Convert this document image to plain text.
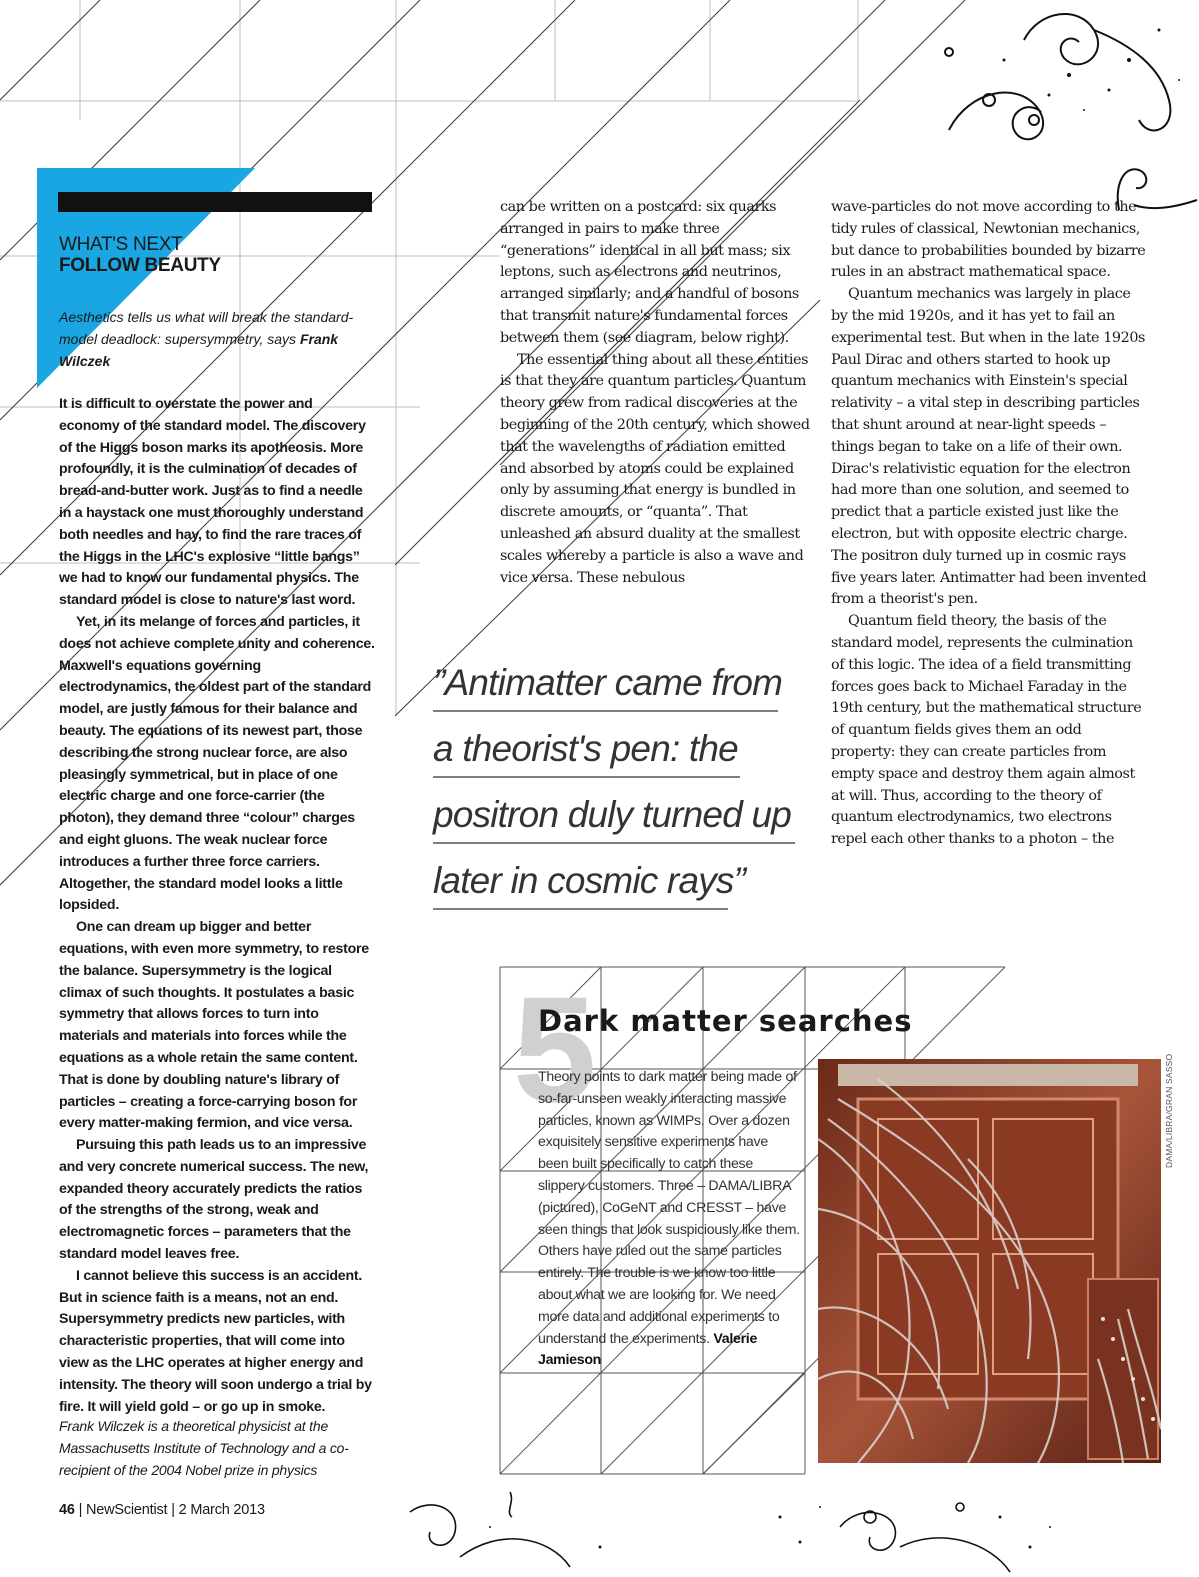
WHAT'S NEXT
FOLLOW BEAUTY
Aesthetics tells us what will break the standard-model deadlock: supersymmetry, says Frank Wilczek

It is difficult to overstate the power and economy of the standard model. The discovery of the Higgs boson marks its apotheosis. More profoundly, it is the culmination of decades of bread-and-butter work. Just as to find a needle in a haystack one must thoroughly understand both needles and hay, to find the rare traces of the Higgs in the LHC's explosive “little bangs” we had to know our fundamental physics. The standard model is close to nature's last word.

Yet, in its melange of forces and particles, it does not achieve complete unity and coherence. Maxwell's equations governing electrodynamics, the oldest part of the standard model, are justly famous for their balance and beauty. The equations of its newest part, those describing the strong nuclear force, are also pleasingly symmetrical, but in place of one electric charge and one force-carrier (the photon), they demand three “colour” charges and eight gluons. The weak nuclear force introduces a further three force carriers. Altogether, the standard model looks a little lopsided.

One can dream up bigger and better equations, with even more symmetry, to restore the balance. Supersymmetry is the logical climax of such thoughts. It postulates a basic symmetry that allows forces to turn into materials and materials into forces while the equations as a whole retain the same content. That is done by doubling nature's library of particles – creating a force-carrying boson for every matter-making fermion, and vice versa.

Pursuing this path leads us to an impressive and very concrete numerical success. The new, expanded theory accurately predicts the ratios of the strengths of the strong, weak and electromagnetic forces – parameters that the standard model leaves free.

I cannot believe this success is an accident. But in science faith is a means, not an end. Supersymmetry predicts new particles, with characteristic properties, that will come into view as the LHC operates at higher energy and intensity. The theory will soon undergo a trial by fire. It will yield gold – or go up in smoke.

Frank Wilczek is a theoretical physicist at the Massachusetts Institute of Technology and a co-recipient of the 2004 Nobel prize in physics

can be written on a postcard: six quarks arranged in pairs to make three “generations” identical in all but mass; six leptons, such as electrons and neutrinos, arranged similarly; and a handful of bosons that transmit nature's fundamental forces between them (see diagram, below right).

The essential thing about all these entities is that they are quantum particles. Quantum theory grew from radical discoveries at the beginning of the 20th century, which showed that the wavelengths of radiation emitted and absorbed by atoms could be explained only by assuming that energy is bundled in discrete amounts, or “quanta”. That unleashed an absurd duality at the smallest scales whereby a particle is also a wave and vice versa. These nebulous

wave-particles do not move according to the tidy rules of classical, Newtonian mechanics, but dance to probabilities bounded by bizarre rules in an abstract mathematical space.

Quantum mechanics was largely in place by the mid 1920s, and it has yet to fail an experimental test. But when in the late 1920s Paul Dirac and others started to hook up quantum mechanics with Einstein's special relativity – a vital step in describing particles that shunt around at near-light speeds – things began to take on a life of their own. Dirac's relativistic equation for the electron had more than one solution, and seemed to predict that a particle existed just like the electron, but with opposite electric charge. The positron duly turned up in cosmic rays five years later. Antimatter had been invented from a theorist's pen.

Quantum field theory, the basis of the standard model, represents the culmination of this logic. The idea of a field transmitting forces goes back to Michael Faraday in the 19th century, but the mathematical structure of quantum fields gives them an odd property: they can create particles from empty space and destroy them again almost at will. Thus, according to the theory of quantum electrodynamics, two electrons repel each other thanks to a photon – the

”Antimatter came from
a theorist's pen: the
positron duly turned up
later in cosmic rays”
5
Dark matter searches
Theory points to dark matter being made of so-far-unseen weakly interacting massive particles, known as WIMPs. Over a dozen exquisitely sensitive experiments have been built specifically to catch these slippery customers. Three – DAMA/LIBRA (pictured), CoGeNT and CRESST – have seen things that look suspiciously like them. Others have ruled out the same particles entirely. The trouble is we know too little about what we are looking for. We need more data and additional experiments to understand the experiments. Valerie Jamieson
DAMA/LIBRA/GRAN SASSO
46 | NewScientist | 2 March 2013
